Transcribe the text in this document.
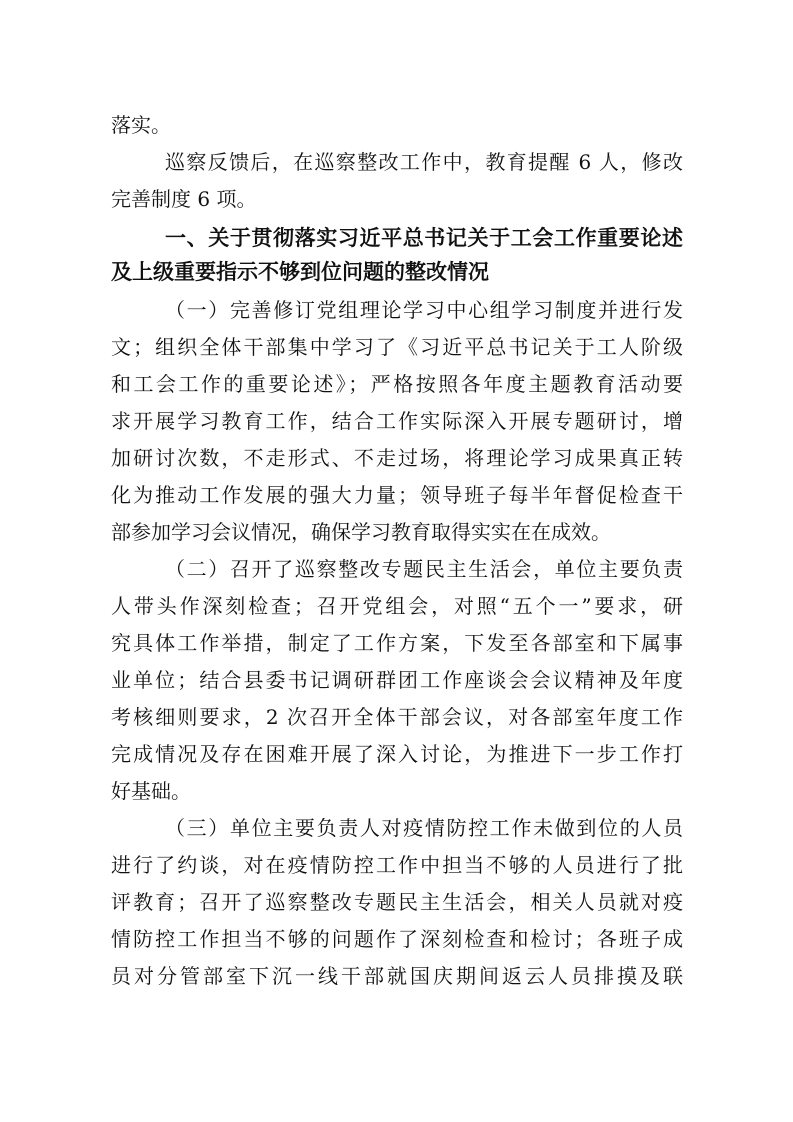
落实。
巡察反馈后，在巡察整改工作中，教育提醒 6 人，修改
完善制度 6 项。
一、关于贯彻落实习近平总书记关于工会工作重要论述
及上级重要指示不够到位问题的整改情况
（一）完善修订党组理论学习中心组学习制度并进行发
文；组织全体干部集中学习了《习近平总书记关于工人阶级
和工会工作的重要论述》；严格按照各年度主题教育活动要
求开展学习教育工作，结合工作实际深入开展专题研讨，增
加研讨次数，不走形式、不走过场，将理论学习成果真正转
化为推动工作发展的强大力量；领导班子每半年督促检查干
部参加学习会议情况，确保学习教育取得实实在在成效。
（二）召开了巡察整改专题民主生活会，单位主要负责
人带头作深刻检查；召开党组会，对照“五个一”要求，研
究具体工作举措，制定了工作方案，下发至各部室和下属事
业单位；结合县委书记调研群团工作座谈会会议精神及年度
考核细则要求，2 次召开全体干部会议，对各部室年度工作
完成情况及存在困难开展了深入讨论，为推进下一步工作打
好基础。
（三）单位主要负责人对疫情防控工作未做到位的人员
进行了约谈，对在疫情防控工作中担当不够的人员进行了批
评教育；召开了巡察整改专题民主生活会，相关人员就对疫
情防控工作担当不够的问题作了深刻检查和检讨；各班子成
员对分管部室下沉一线干部就国庆期间返云人员排摸及联
